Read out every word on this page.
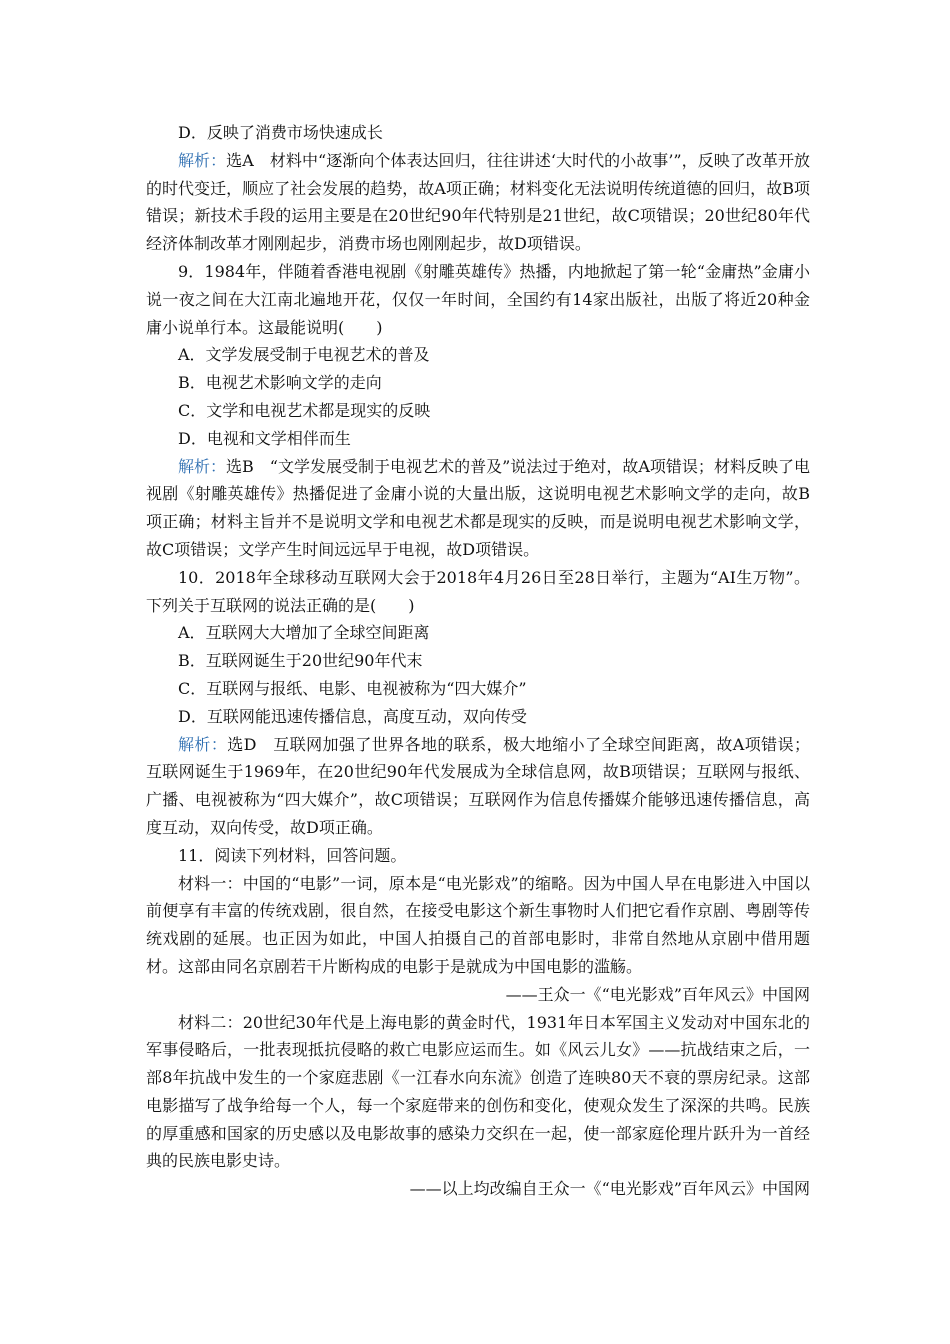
D．反映了消费市场快速成长

解析：选A　材料中“逐渐向个体表达回归，往往讲述‘大时代的小故事’”，反映了改革开放的时代变迁，顺应了社会发展的趋势，故A项正确；材料变化无法说明传统道德的回归，故B项错误；新技术手段的运用主要是在20世纪90年代特别是21世纪，故C项错误；20世纪80年代经济体制改革才刚刚起步，消费市场也刚刚起步，故D项错误。

9．1984年，伴随着香港电视剧《射雕英雄传》热播，内地掀起了第一轮“金庸热”金庸小说一夜之间在大江南北遍地开花，仅仅一年时间，全国约有14家出版社，出版了将近20种金庸小说单行本。这最能说明(　　)

A．文学发展受制于电视艺术的普及

B．电视艺术影响文学的走向

C．文学和电视艺术都是现实的反映

D．电视和文学相伴而生

解析：选B　“文学发展受制于电视艺术的普及”说法过于绝对，故A项错误；材料反映了电视剧《射雕英雄传》热播促进了金庸小说的大量出版，这说明电视艺术影响文学的走向，故B项正确；材料主旨并不是说明文学和电视艺术都是现实的反映，而是说明电视艺术影响文学，故C项错误；文学产生时间远远早于电视，故D项错误。

10．2018年全球移动互联网大会于2018年4月26日至28日举行，主题为“AI生万物”。下列关于互联网的说法正确的是(　　)

A．互联网大大增加了全球空间距离

B．互联网诞生于20世纪90年代末

C．互联网与报纸、电影、电视被称为“四大媒介”

D．互联网能迅速传播信息，高度互动，双向传受

解析：选D　互联网加强了世界各地的联系，极大地缩小了全球空间距离，故A项错误；互联网诞生于1969年，在20世纪90年代发展成为全球信息网，故B项错误；互联网与报纸、广播、电视被称为“四大媒介”，故C项错误；互联网作为信息传播媒介能够迅速传播信息，高度互动，双向传受，故D项正确。

11．阅读下列材料，回答问题。

材料一：中国的“电影”一词，原本是“电光影戏”的缩略。因为中国人早在电影进入中国以前便享有丰富的传统戏剧，很自然，在接受电影这个新生事物时人们把它看作京剧、粤剧等传统戏剧的延展。也正因为如此，中国人拍摄自己的首部电影时，非常自然地从京剧中借用题材。这部由同名京剧若干片断构成的电影于是就成为中国电影的滥觞。

——王众一《“电光影戏”百年风云》中国网

材料二：20世纪30年代是上海电影的黄金时代，1931年日本军国主义发动对中国东北的军事侵略后，一批表现抵抗侵略的救亡电影应运而生。如《风云儿女》——抗战结束之后，一部8年抗战中发生的一个家庭悲剧《一江春水向东流》创造了连映80天不衰的票房纪录。这部电影描写了战争给每一个人，每一个家庭带来的创伤和变化，使观众发生了深深的共鸣。民族的厚重感和国家的历史感以及电影故事的感染力交织在一起，使一部家庭伦理片跃升为一首经典的民族电影史诗。

——以上均改编自王众一《“电光影戏”百年风云》中国网
